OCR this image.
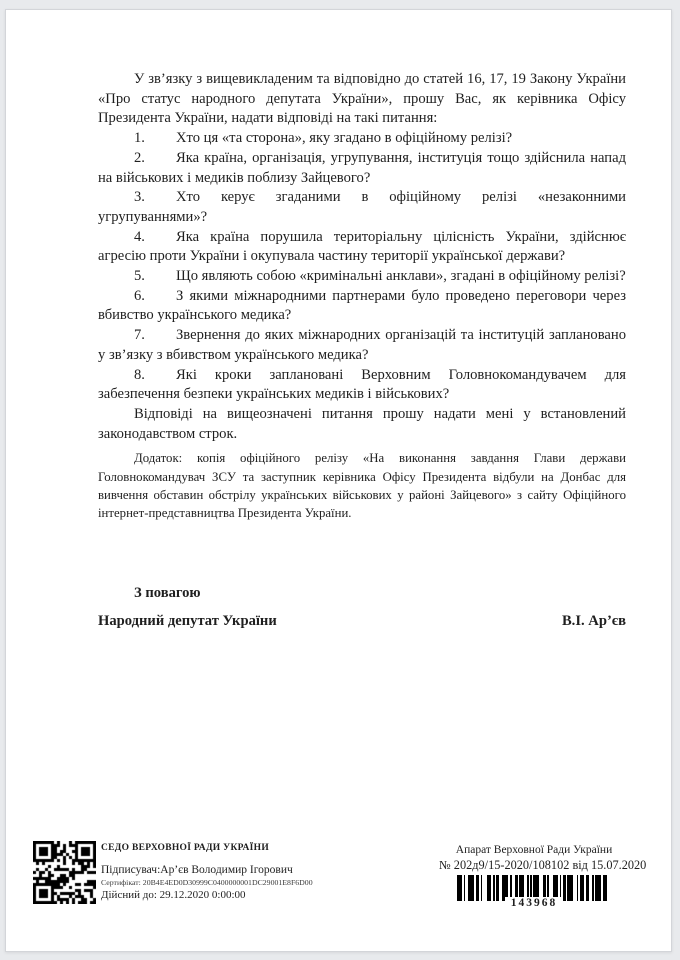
У зв’язку з вищевикладеним та відповідно до статей 16, 17, 19 Закону України «Про статус народного депутата України», прошу Вас, як керівника Офісу Президента України, надати відповіді на такі питання:

1. Хто ця «та сторона», яку згадано в офіційному релізі?

2. Яка країна, організація, угрупування, інституція тощо здійснила напад на військових і медиків поблизу Зайцевого?

3. Хто керує згаданими в офіційному релізі «незаконними угрупуваннями»?

4. Яка країна порушила територіальну цілісність України, здійснює агресію проти України і окупувала частину території української держави?

5. Що являють собою «кримінальні анклави», згадані в офіційному релізі?

6. З якими міжнародними партнерами було проведено переговори через вбивство українського медика?

7. Звернення до яких міжнародних організацій та інституцій заплановано у зв’язку з вбивством українського медика?

8. Які кроки заплановані Верховним Головнокомандувачем для забезпечення безпеки українських медиків і військових?

Відповіді на вищеозначені питання прошу надати мені у встановлений законодавством строк.

Додаток: копія офіційного релізу «На виконання завдання Глави держави Головнокомандувач ЗСУ та заступник керівника Офісу Президента відбули на Донбас для вивчення обставин обстрілу українських військових у районі Зайцевого» з сайту Офіційного інтернет-представництва Президента України.

З повагою
Народний депутат України	В.І. Ар’єв
СЕДО ВЕРХОВНОЇ РАДИ УКРАЇНИ
Підписувач:Ар’єв Володимир Ігорович
Сертифікат: 20B4E4ED0D30999C0400000001DC29001E8F6D00
Дійсний до: 29.12.2020 0:00:00
Апарат Верховної Ради України
№ 202д9/15-2020/108102 від 15.07.2020
143968
